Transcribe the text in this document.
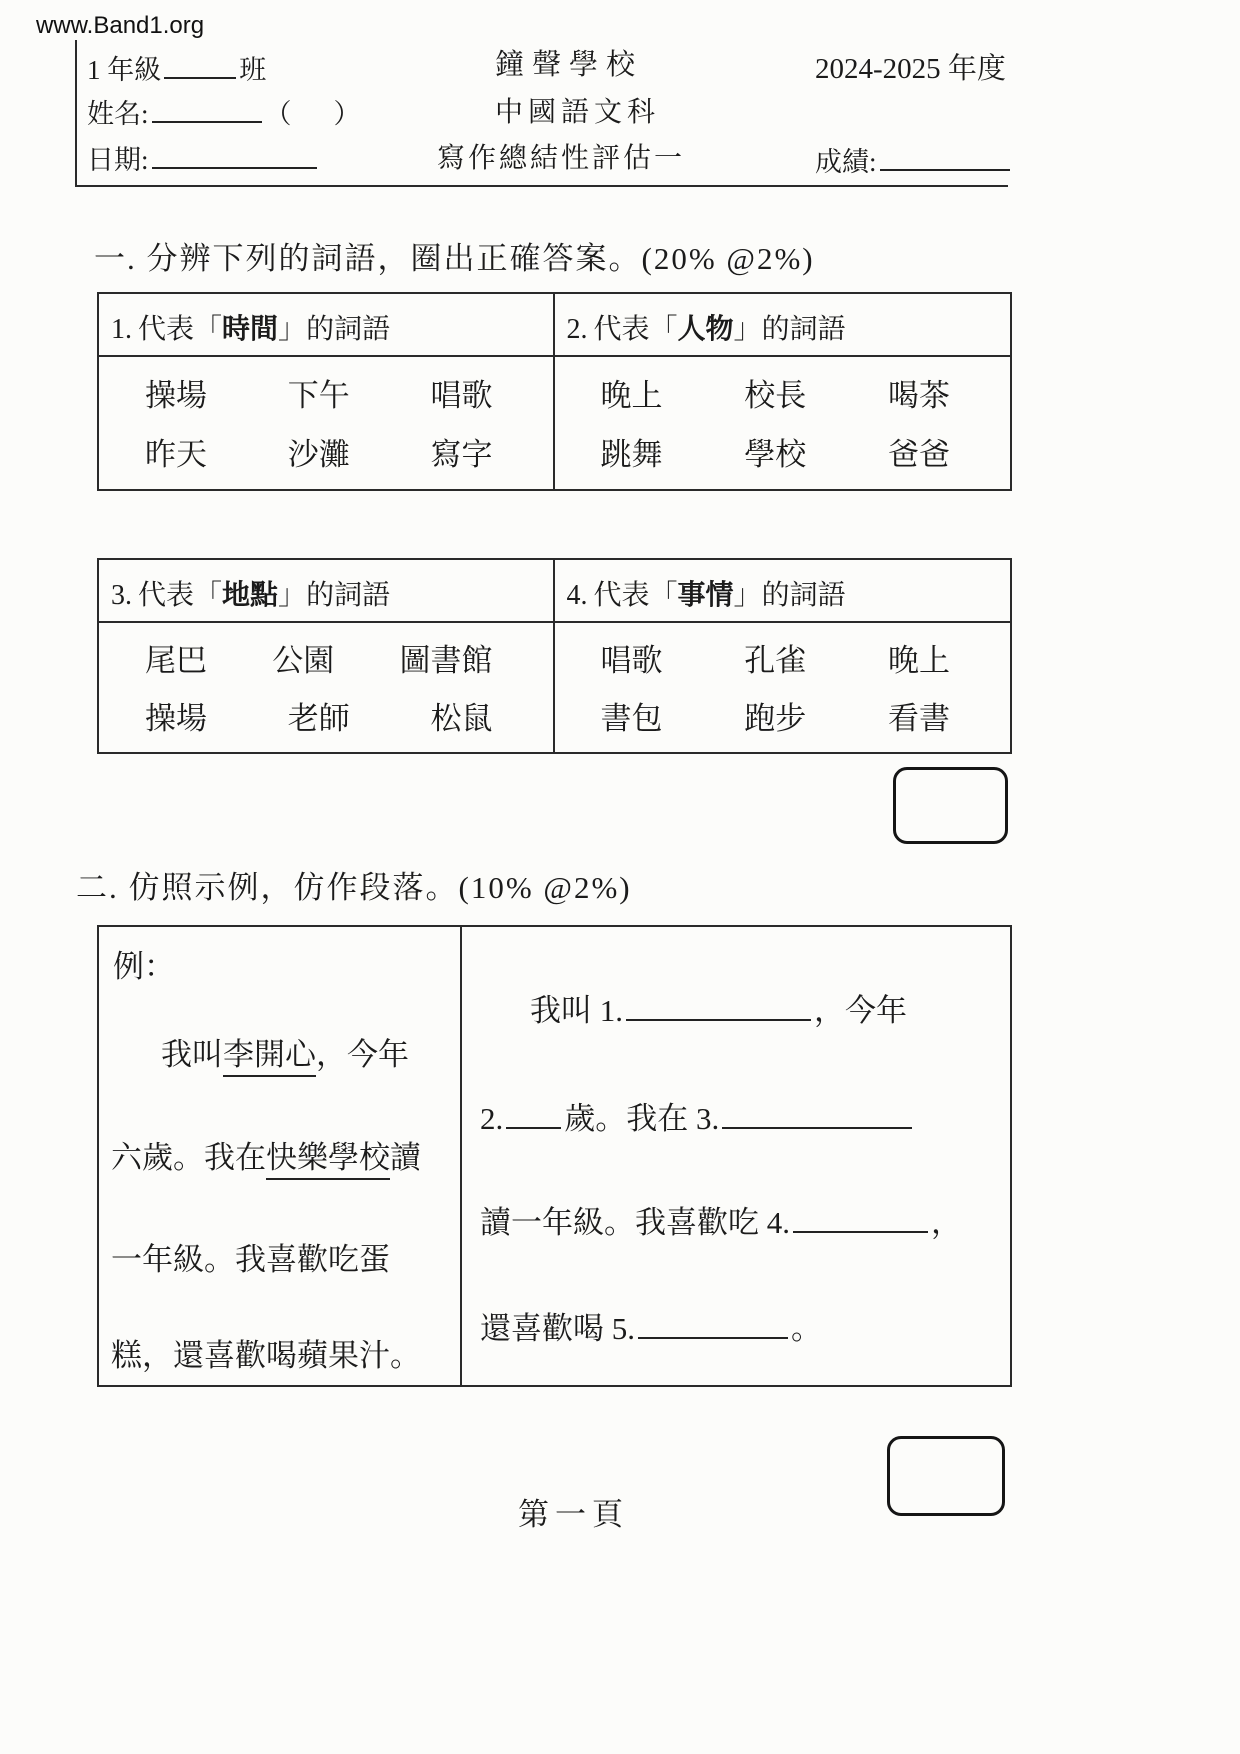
www.Band1.org
1 年級	班	鐘聲學校	2024-2025 年度
姓名:	（ ）	中國語文科
日期:	寫作總結性評估一	成績:
一. 分辨下列的詞語，圈出正確答案。(20% @2%)
1. 代表「時間」的詞語
操場	下午	唱歌
昨天	沙灘	寫字
2. 代表「人物」的詞語
晚上	校長	喝茶
跳舞	學校	爸爸
3. 代表「地點」的詞語
尾巴 公園 圖書館
操場	老師	松鼠
4. 代表「事情」的詞語
唱歌	孔雀	晚上
書包	跑步	看書
二. 仿照示例，仿作段落。(10% @2%)
例：
我叫李開心，今年
六歲。我在快樂學校讀
一年級。我喜歡吃蛋
糕，還喜歡喝蘋果汁。
我叫 1.	，今年
2. 歲。我在 3.
讀一年級。我喜歡吃 4.	，
還喜歡喝 5.	。
第一頁
